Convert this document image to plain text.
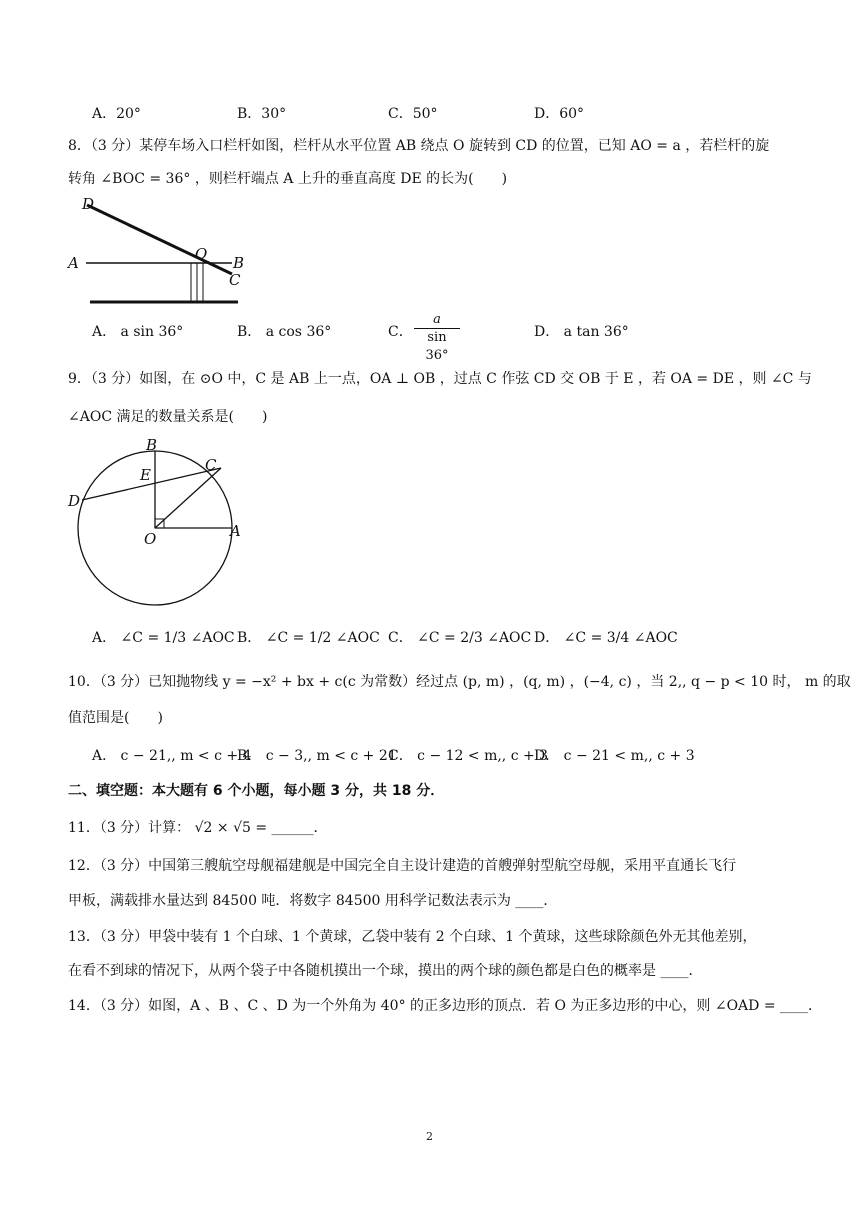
A．20°	B．30°	C．50°	D．60°
8．（3 分）某停车场入口栏杆如图，栏杆从水平位置 AB 绕点 O 旋转到 CD 的位置，已知 AO = a ，若栏杆的旋
转角 ∠BOC = 36° ，则栏杆端点 A 上升的垂直高度 DE 的长为(　　)
D
A	O B
C
A． a sin 36°	B． a cos 36°	C． $\frac{a}{\sin 36^\circ}$	D． a tan 36°
9．（3 分）如图，在 ⊙O 中，C 是 AB 上一点，OA ⊥ OB ，过点 C 作弦 CD 交 OB 于 E ，若 OA = DE ，则 ∠C 与
∠AOC 满足的数量关系是(　　)
B
E
C
D
O	A
A． ∠C = 1/3 ∠AOC B． ∠C = 1/2 ∠AOC C． ∠C = 2/3 ∠AOC D． ∠C = 3/4 ∠AOC
10．（3 分）已知抛物线 y = −x² + bx + c(c 为常数）经过点 (p, m) ，(q, m) ，(−4, c) ，当 2,, q − p < 10 时， m 的取
值范围是(　　)
A． c − 21,, m < c + 4
B． c − 3,, m < c + 21
C． c − 12 < m,, c + 3
D． c − 21 < m,, c + 3
二、填空题：本大题有 6 个小题，每小题 3 分，共 18 分．
11．（3 分）计算： √2 × √5 = ______．
12．（3 分）中国第三艘航空母舰福建舰是中国完全自主设计建造的首艘弹射型航空母舰，采用平直通长飞行
甲板，满载排水量达到 84500 吨．将数字 84500 用科学记数法表示为 ____．
13．（3 分）甲袋中装有 1 个白球、1 个黄球，乙袋中装有 2 个白球、1 个黄球，这些球除颜色外无其他差别，
在看不到球的情况下，从两个袋子中各随机摸出一个球，摸出的两个球的颜色都是白色的概率是 ____．
14．（3 分）如图，A 、B 、C 、D 为一个外角为 40° 的正多边形的顶点．若 O 为正多边形的中心，则 ∠OAD = ____．
2
